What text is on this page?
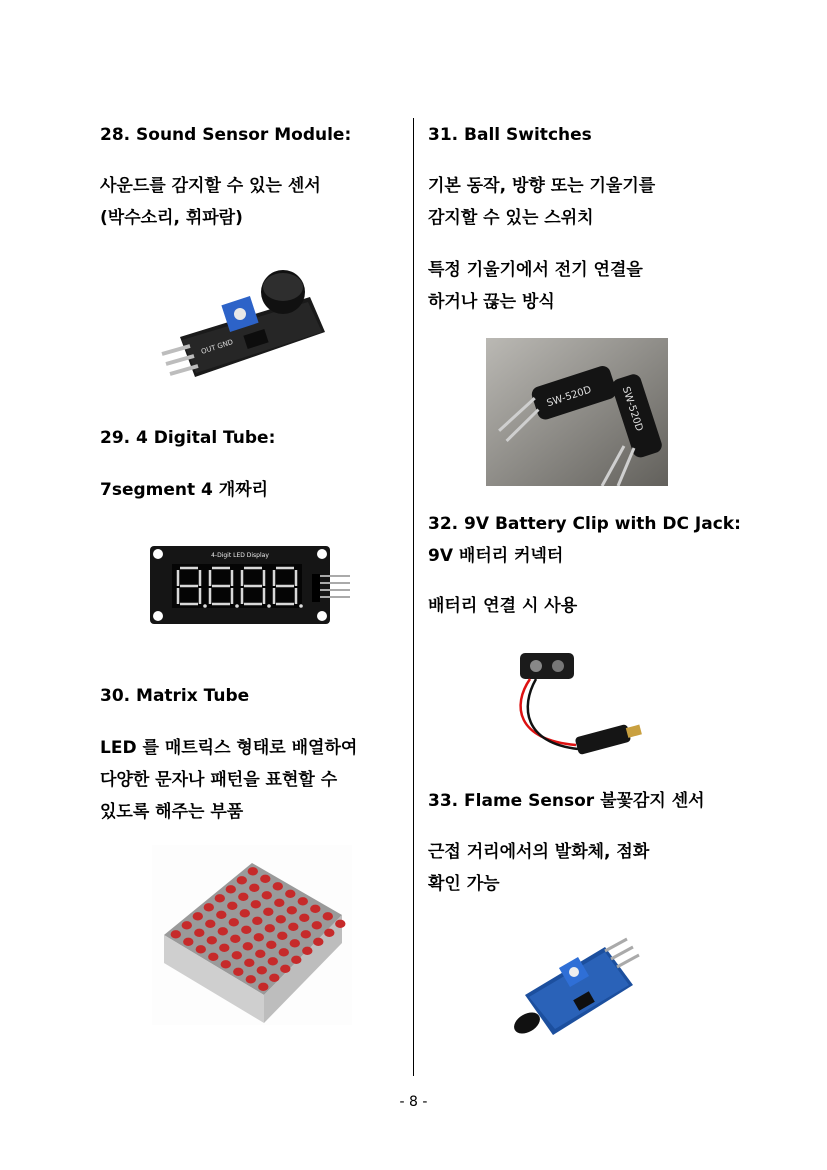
28. Sound Sensor Module:
사운드를 감지할 수 있는 센서
(박수소리, 휘파람)
OUT GND
29. 4 Digital Tube:
7segment 4 개짜리
4-Digit LED Display
30. Matrix Tube
LED 를 매트릭스 형태로 배열하여
다양한 문자나 패턴을 표현할 수
있도록 해주는 부품
31. Ball Switches
기본 동작, 방향 또는 기울기를
감지할 수 있는 스위치
특정 기울기에서 전기 연결을
하거나 끊는 방식
SW-520D	SW-520D
32. 9V Battery Clip with DC Jack:
9V 배터리 커넥터
배터리 연결 시 사용
33. Flame Sensor 불꽃감지 센서
근접 거리에서의 발화체, 점화
확인 가능
- 8 -
